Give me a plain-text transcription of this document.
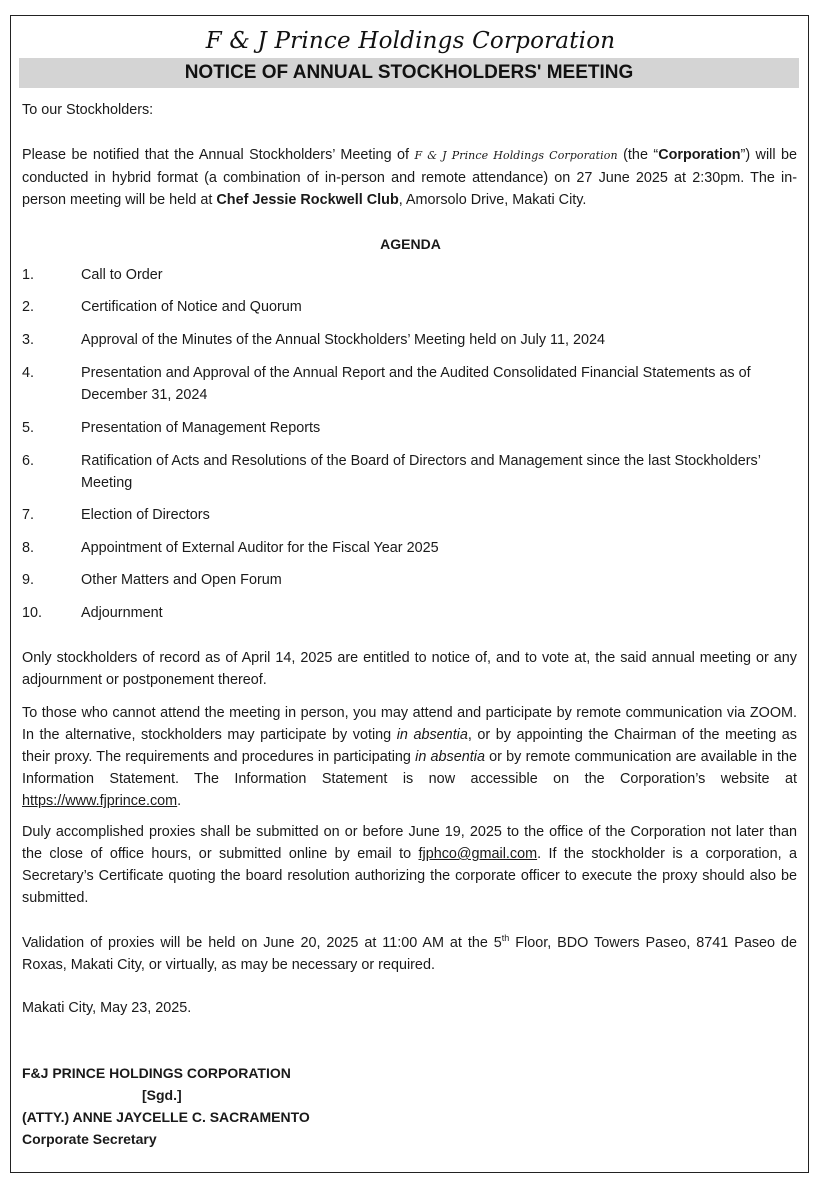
F & J Prince Holdings Corporation
NOTICE OF ANNUAL STOCKHOLDERS' MEETING
To our Stockholders:
Please be notified that the Annual Stockholders’ Meeting of F & J Prince Holdings Corporation (the “Corporation”) will be conducted in hybrid format (a combination of in-person and remote attendance) on 27 June 2025 at 2:30pm. The in-person meeting will be held at Chef Jessie Rockwell Club, Amorsolo Drive, Makati City.
AGENDA
1.	Call to Order
2.	Certification of Notice and Quorum
3.	Approval of the Minutes of the Annual Stockholders’ Meeting held on July 11, 2024
4.	Presentation and Approval of the Annual Report and the Audited Consolidated Financial Statements as of December 31, 2024
5.	Presentation of Management Reports
6.	Ratification of Acts and Resolutions of the Board of Directors and Management since the last Stockholders’ Meeting
7.	Election of Directors
8.	Appointment of External Auditor for the Fiscal Year 2025
9.	Other Matters and Open Forum
10.	Adjournment
Only stockholders of record as of April 14, 2025 are entitled to notice of, and to vote at, the said annual meeting or any adjournment or postponement thereof.
To those who cannot attend the meeting in person, you may attend and participate by remote communication via ZOOM. In the alternative, stockholders may participate by voting in absentia, or by appointing the Chairman of the meeting as their proxy. The requirements and procedures in participating in absentia or by remote communication are available in the Information Statement. The Information Statement is now accessible on the Corporation’s website at https://www.fjprince.com.
Duly accomplished proxies shall be submitted on or before June 19, 2025 to the office of the Corporation not later than the close of office hours, or submitted online by email to fjphco@gmail.com. If the stockholder is a corporation, a Secretary’s Certificate quoting the board resolution authorizing the corporate officer to execute the proxy should also be submitted.
Validation of proxies will be held on June 20, 2025 at 11:00 AM at the 5th Floor, BDO Towers Paseo, 8741 Paseo de Roxas, Makati City, or virtually, as may be necessary or required.
Makati City, May 23, 2025.
F&J PRINCE HOLDINGS CORPORATION
[Sgd.]
(ATTY.) ANNE JAYCELLE C. SACRAMENTO
Corporate Secretary
